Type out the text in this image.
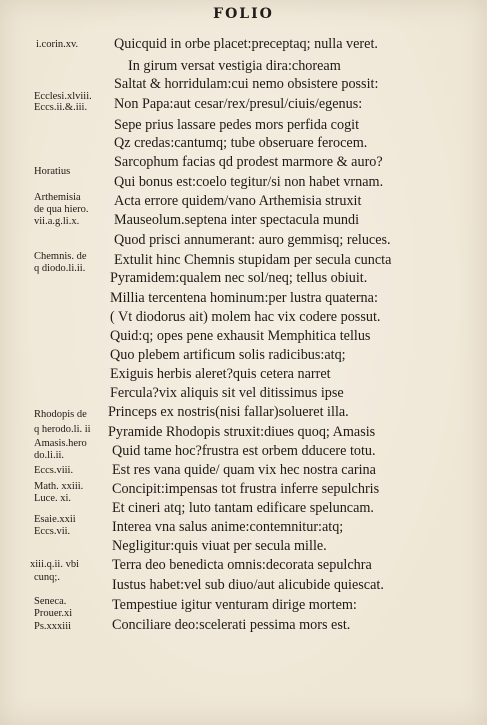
FOLIO
Quicquid in orbe placet:preceptaq; nulla veret.
In girum versat vestigia dira:choream
Saltat & horridulam:cui nemo obsistere possit:
Non Papa:aut cesar/rex/presul/ciuis/egenus:
Sepe prius lassare pedes mors perfida cogit
Qz credas:cantumq; tube obseruare ferocem.
Sarcophum facias qd prodest marmore & auro?
Qui bonus est:coelo tegitur/si non habet vrnam.
Acta errore quidem/vano Arthemisia struxit
Mauseolum.septena inter spectacula mundi
Quod prisci annumerant: auro gemmisq; reluces.
Extulit hinc Chemnis stupidam per secula cuncta
Pyramidem:qualem nec sol/neq; tellus obiuit.
Millia tercentena hominum:per lustra quaterna:
( Vt diodorus ait) molem hac vix codere possut.
Quid:q; opes pene exhausit Memphitica tellus
Quo plebem artificum solis radicibus:atq;
Exiguis herbis aleret?quis cetera narret
Fercula?vix aliquis sit vel ditissimus ipse
Princeps ex nostris(nisi fallar)solueret illa.
Pyramide Rhodopis struxit:diues quoq; Amasis
Quid tame hoc?frustra est orbem dducere totu.
Est res vana quide/ quam vix hec nostra carina
Concipit:impensas tot frustra inferre sepulchris
Et cineri atq; luto tantam edificare speluncam.
Interea vna salus anime:contemnitur:atq;
Negligitur:quis viuat per secula mille.
Terra deo benedicta omnis:decorata sepulchra
Iustus habet:vel sub diuo/aut alicubide quiescat.
Tempestiue igitur venturam dirige mortem:
Conciliare deo:scelerati pessima mors est.
i.corin.xv.
Ecclesi.xlviii.
Eccs.ii.&.iii.
Horatius
Arthemisia
de qua hiero.
vii.a.g.li.x.
Chemnis. de
q diodo.li.ii.
Rhodopis de
q herodo.li. ii
Amasis.hero
do.li.ii.
Eccs.viii.
Math. xxiii.
Luce. xi.
Esaie.xxii
Eccs.vii.
xiii.q.ii. vbi
cunq;.
Seneca.
Prouer.xi
Ps.xxxiii
